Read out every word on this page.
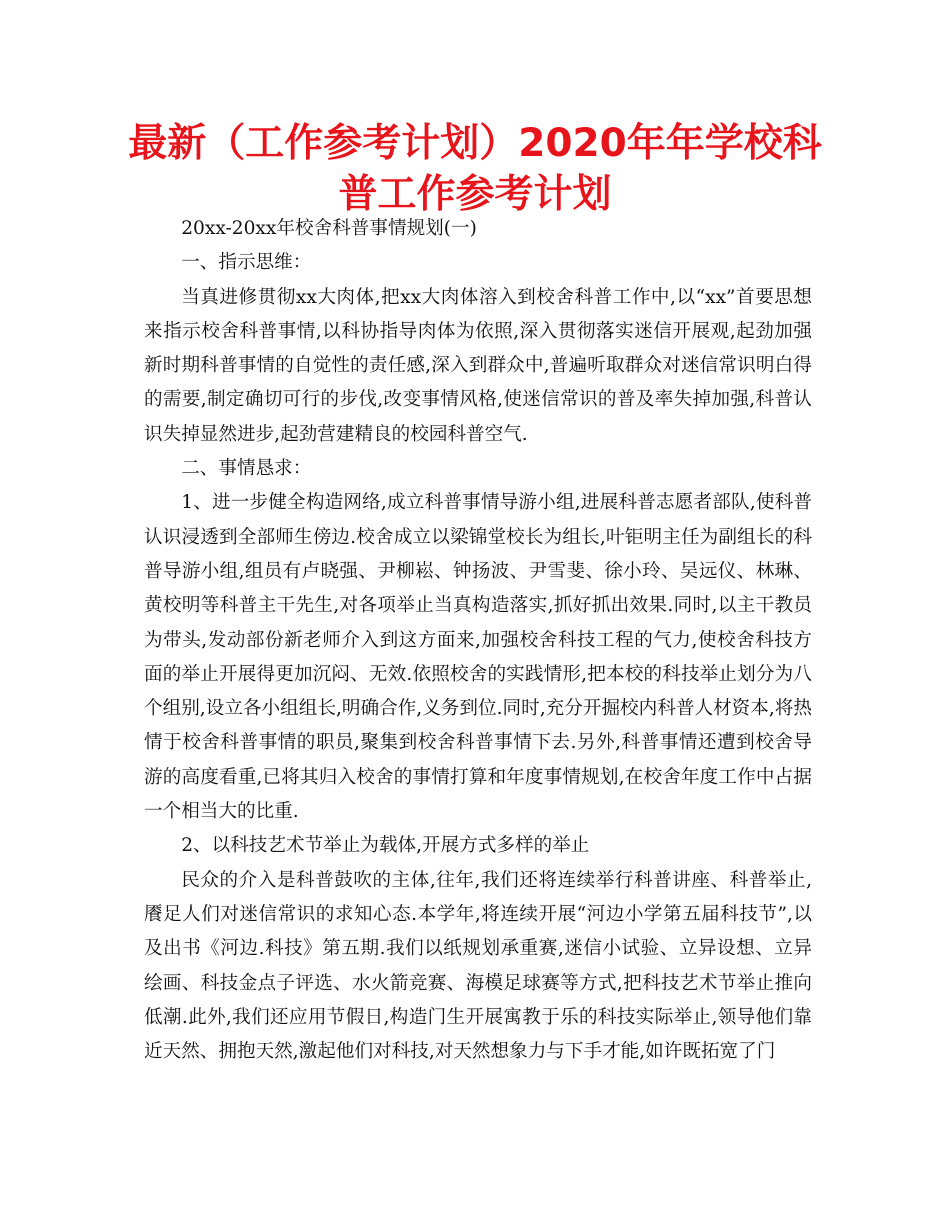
最新（工作参考计划）2020年年学校科普工作参考计划

20xx-20xx年校舍科普事情规划(一)

一、指示思维：

当真进修贯彻xx大肉体,把xx大肉体溶入到校舍科普工作中,以“xx”首要思想来指示校舍科普事情,以科协指导肉体为依照,深入贯彻落实迷信开展观,起劲加强新时期科普事情的自觉性的责任感,深入到群众中,普遍听取群众对迷信常识明白得的需要,制定确切可行的步伐,改变事情风格,使迷信常识的普及率失掉加强,科普认识失掉显然进步,起劲营建精良的校园科普空气.

二、事情恳求：

1、进一步健全构造网络,成立科普事情导游小组,进展科普志愿者部队,使科普认识浸透到全部师生傍边.校舍成立以梁锦堂校长为组长,叶钜明主任为副组长的科普导游小组,组员有卢晓强、尹柳崧、钟扬波、尹雪斐、徐小玲、吴远仪、林琳、黄校明等科普主干先生,对各项举止当真构造落实,抓好抓出效果.同时,以主干教员为带头,发动部份新老师介入到这方面来,加强校舍科技工程的气力,使校舍科技方面的举止开展得更加沉闷、无效.依照校舍的实践情形,把本校的科技举止划分为八个组别,设立各小组组长,明确合作,义务到位.同时,充分开掘校内科普人材资本,将热情于校舍科普事情的职员,聚集到校舍科普事情下去.另外,科普事情还遭到校舍导游的高度看重,已将其归入校舍的事情打算和年度事情规划,在校舍年度工作中占据一个相当大的比重.

2、以科技艺术节举止为载体,开展方式多样的举止

民众的介入是科普鼓吹的主体,往年,我们还将连续举行科普讲座、科普举止,餍足人们对迷信常识的求知心态.本学年,将连续开展“河边小学第五届科技节”,以及出书《河边.科技》第五期.我们以纸规划承重赛,迷信小试验、立异设想、立异绘画、科技金点子评选、水火箭竞赛、海模足球赛等方式,把科技艺术节举止推向低潮.此外,我们还应用节假日,构造门生开展寓教于乐的科技实际举止,领导他们靠近天然、拥抱天然,激起他们对科技,对天然想象力与下手才能,如许既拓宽了门
